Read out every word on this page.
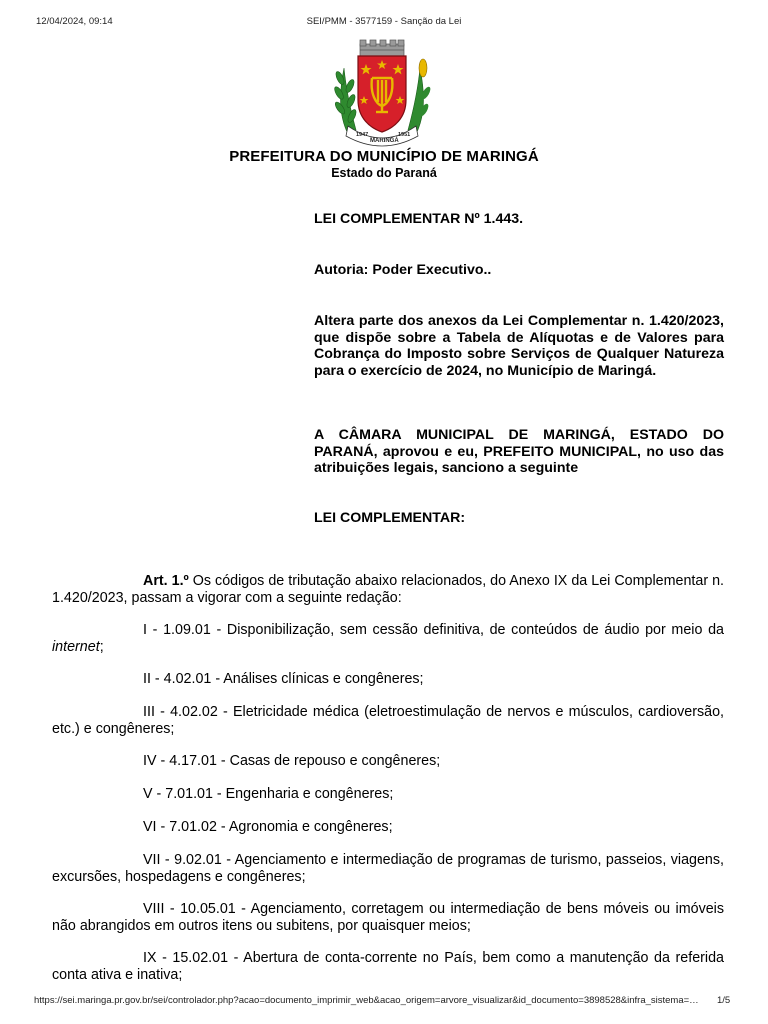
12/04/2024, 09:14	SEI/PMM - 3577159 - Sanção da Lei
1947
MARINGÁ
1951
PREFEITURA DO MUNICÍPIO DE MARINGÁ
Estado do Paraná
LEI COMPLEMENTAR Nº 1.443.
Autoria: Poder Executivo..
Altera parte dos anexos da Lei Complementar n. 1.420/2023, que dispõe sobre a Tabela de Alíquotas e de Valores para Cobrança do Imposto sobre Serviços de Qualquer Natureza para o exercício de 2024, no Município de Maringá.
A CÂMARA MUNICIPAL DE MARINGÁ, ESTADO DO PARANÁ, aprovou e eu, PREFEITO MUNICIPAL, no uso das atribuições legais, sanciono a seguinte
LEI COMPLEMENTAR:
Art. 1.º Os códigos de tributação abaixo relacionados, do Anexo IX da Lei Complementar n. 1.420/2023, passam a vigorar com a seguinte redação:
I - 1.09.01 - Disponibilização, sem cessão definitiva, de conteúdos de áudio por meio da internet;
II - 4.02.01 - Análises clínicas e congêneres;
III - 4.02.02 - Eletricidade médica (eletroestimulação de nervos e músculos, cardioversão, etc.) e congêneres;
IV - 4.17.01 - Casas de repouso e congêneres;
V - 7.01.01 - Engenharia e congêneres;
VI - 7.01.02 - Agronomia e congêneres;
VII - 9.02.01 - Agenciamento e intermediação de programas de turismo, passeios, viagens, excursões, hospedagens e congêneres;
VIII - 10.05.01 - Agenciamento, corretagem ou intermediação de bens móveis ou imóveis não abrangidos em outros itens ou subitens, por quaisquer meios;
IX - 15.02.01 - Abertura de conta-corrente no País, bem como a manutenção da referida conta ativa e inativa;
https://sei.maringa.pr.gov.br/sei/controlador.php?acao=documento_imprimir_web&acao_origem=arvore_visualizar&id_documento=3898528&infra_sistema=…	1/5
